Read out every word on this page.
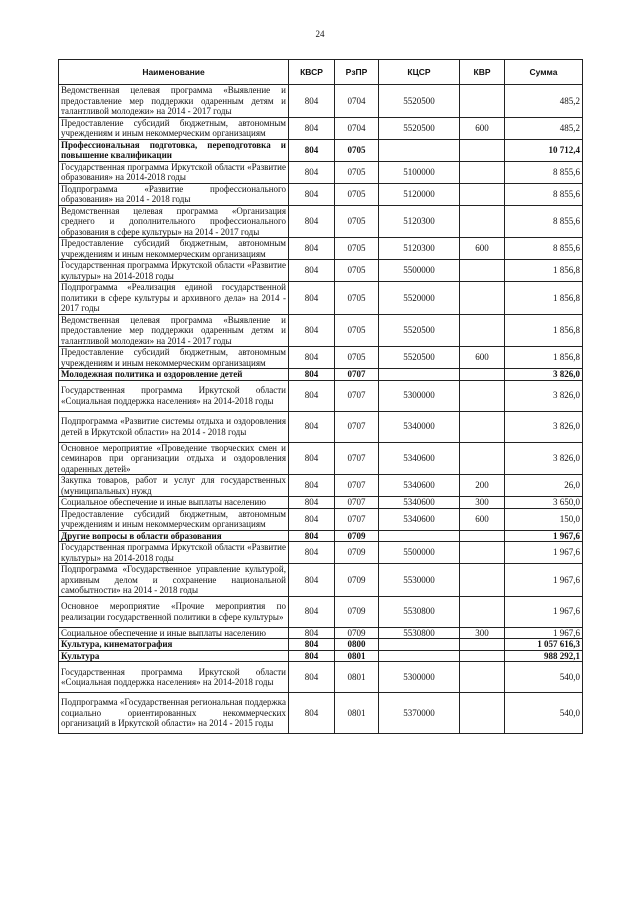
24
Наименование	КВСР	РзПР	КЦСР	КВР	Сумма
Ведомственная целевая программа «Выявление и предоставление мер поддержки одаренным детям и талантливой молодежи» на 2014 - 2017 годы	804	0704	5520500		485,2
Предоставление субсидий бюджетным, автономным учреждениям и иным некоммерческим организациям	804	0704	5520500	600	485,2
Профессиональная подготовка, переподготовка и повышение квалификации	804	0705			10 712,4
Государственная программа Иркутской области «Развитие образования» на 2014-2018 годы	804	0705	5100000		8 855,6
Подпрограмма «Развитие профессионального образования» на 2014 - 2018 годы	804	0705	5120000		8 855,6
Ведомственная целевая программа «Организация среднего и дополнительного профессионального образования в сфере культуры» на 2014 - 2017 годы	804	0705	5120300		8 855,6
Предоставление субсидий бюджетным, автономным учреждениям и иным некоммерческим организациям	804	0705	5120300	600	8 855,6
Государственная программа Иркутской области «Развитие культуры» на 2014-2018 годы	804	0705	5500000		1 856,8
Подпрограмма «Реализация единой государственной политики в сфере культуры и архивного дела» на 2014 - 2017 годы	804	0705	5520000		1 856,8
Ведомственная целевая программа «Выявление и предоставление мер поддержки одаренным детям и талантливой молодежи» на 2014 - 2017 годы	804	0705	5520500		1 856,8
Предоставление субсидий бюджетным, автономным учреждениям и иным некоммерческим организациям	804	0705	5520500	600	1 856,8
Молодежная политика и оздоровление детей	804	0707			3 826,0
Государственная программа Иркутской области «Социальная поддержка населения» на 2014-2018 годы	804	0707	5300000		3 826,0
Подпрограмма «Развитие системы отдыха и оздоровления детей в Иркутской области» на 2014 - 2018 годы	804	0707	5340000		3 826,0
Основное мероприятие «Проведение творческих смен и семинаров при организации отдыха и оздоровления одаренных детей»	804	0707	5340600		3 826,0
Закупка товаров, работ и услуг для государственных (муниципальных) нужд	804	0707	5340600	200	26,0
Социальное обеспечение и иные выплаты населению	804	0707	5340600	300	3 650,0
Предоставление субсидий бюджетным, автономным учреждениям и иным некоммерческим организациям	804	0707	5340600	600	150,0
Другие вопросы в области образования	804	0709			1 967,6
Государственная программа Иркутской области «Развитие культуры» на 2014-2018 годы	804	0709	5500000		1 967,6
Подпрограмма «Государственное управление культурой, архивным делом и сохранение национальной самобытности» на 2014 - 2018 годы	804	0709	5530000		1 967,6
Основное мероприятие «Прочие мероприятия по реализации государственной политики в сфере культуры»	804	0709	5530800		1 967,6
Социальное обеспечение и иные выплаты населению	804	0709	5530800	300	1 967,6
Культура, кинематография	804	0800			1 057 616,3
Культура	804	0801			988 292,1
Государственная программа Иркутской области «Социальная поддержка населения» на 2014-2018 годы	804	0801	5300000		540,0
Подпрограмма «Государственная региональная поддержка социально ориентированных некоммерческих организаций в Иркутской области» на 2014 - 2015 годы	804	0801	5370000		540,0
